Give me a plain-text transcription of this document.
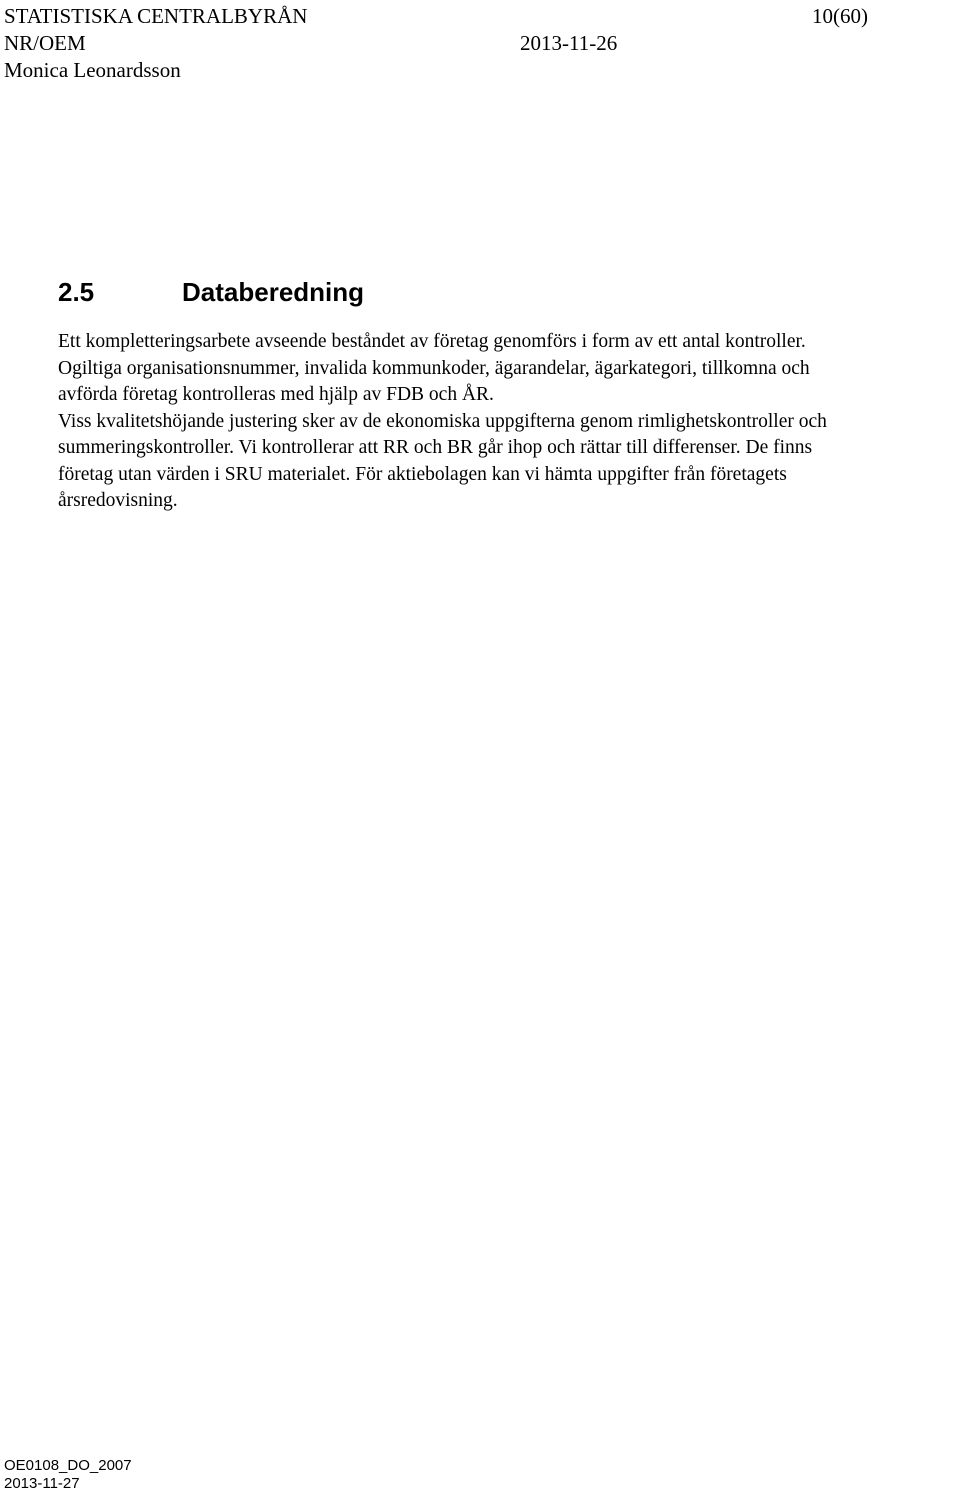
STATISTISKA CENTRALBYRÅN	10(60)
NR/OEM	2013-11-26
Monica Leonardsson
2.5	Databeredning
Ett kompletteringsarbete avseende beståndet av företag genomförs i form av ett antal kontroller.
Ogiltiga organisationsnummer, invalida kommunkoder, ägarandelar, ägarkategori, tillkomna och
avförda företag kontrolleras med hjälp av FDB och ÅR.
Viss kvalitetshöjande justering sker av de ekonomiska uppgifterna genom rimlighetskontroller och
summeringskontroller. Vi kontrollerar att RR och BR går ihop och rättar till differenser. De finns
företag utan värden i SRU materialet. För aktiebolagen kan vi hämta uppgifter från företagets
årsredovisning.
OE0108_DO_2007
2013-11-27
